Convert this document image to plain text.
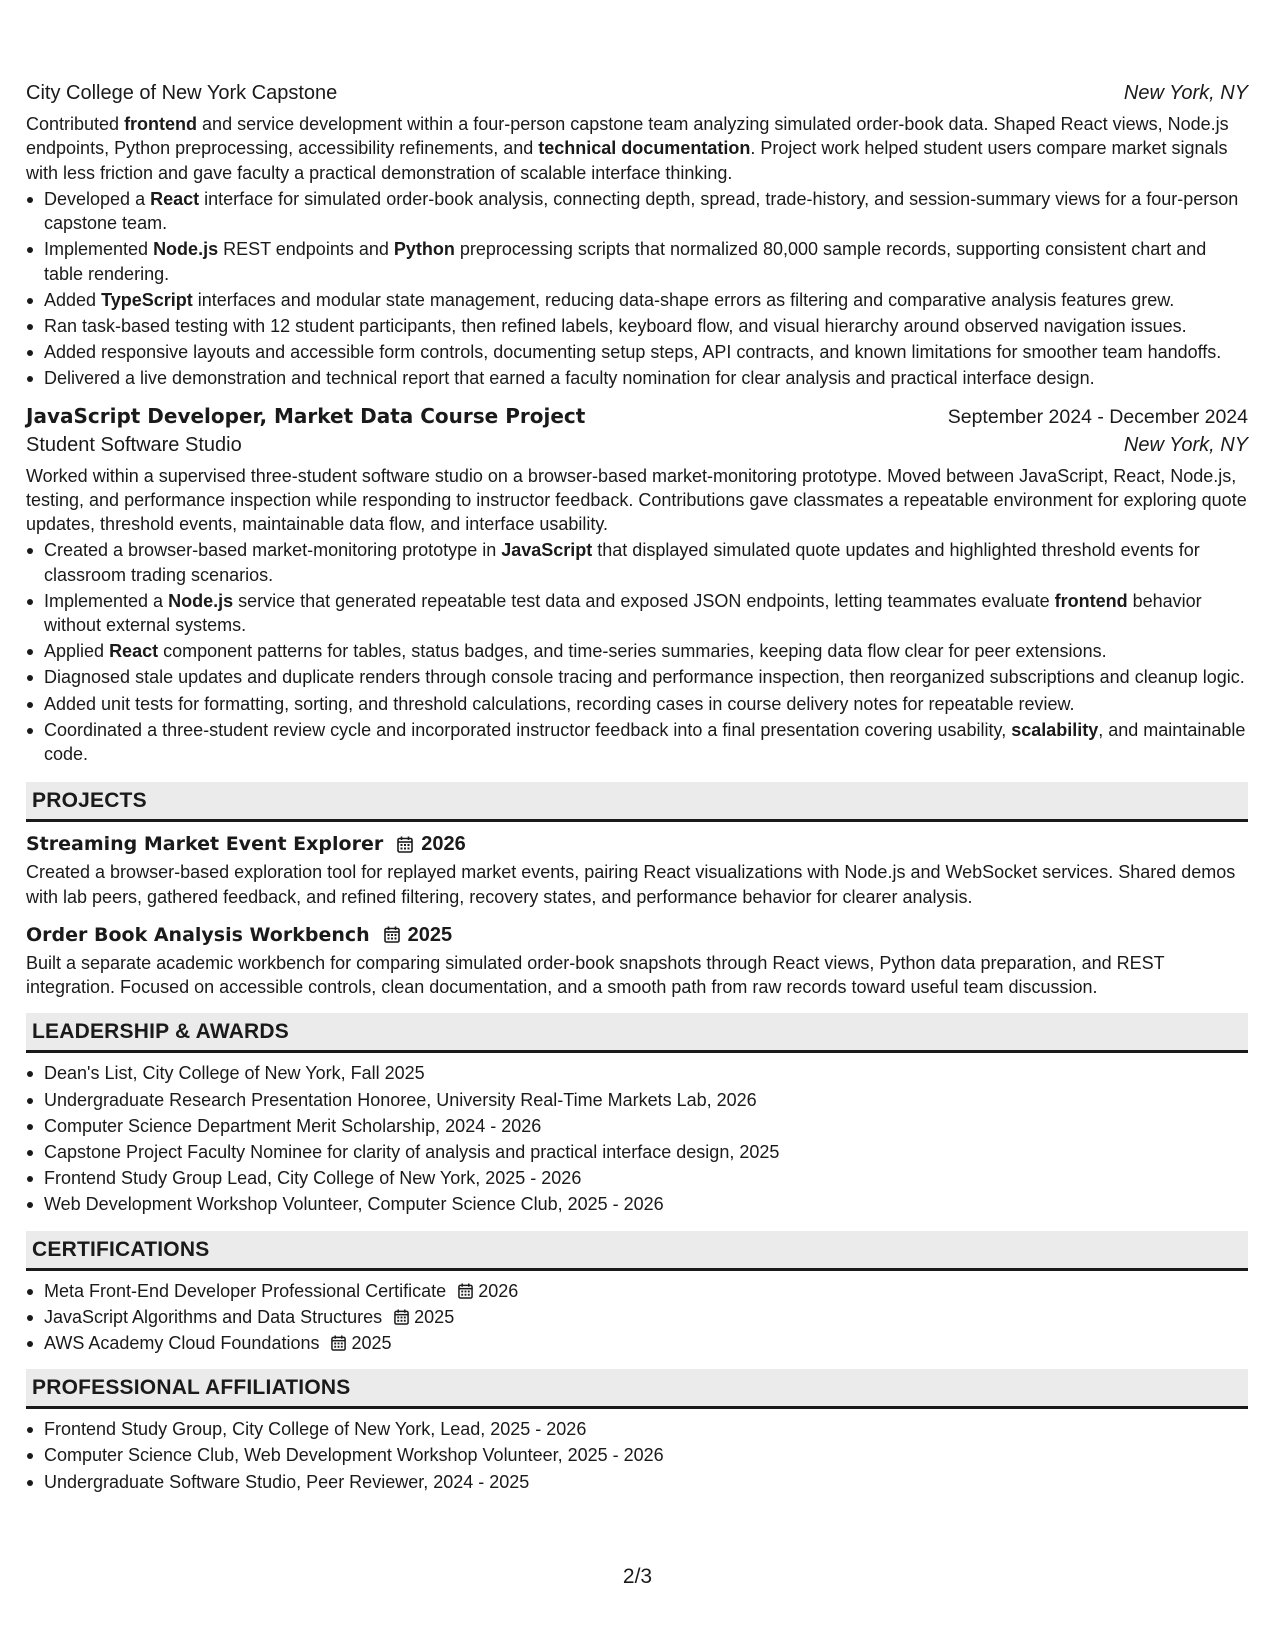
City College of New York Capstone	New York, NY

Contributed frontend and service development within a four-person capstone team analyzing simulated order-book data. Shaped React views, Node.js endpoints, Python preprocessing, accessibility refinements, and technical documentation. Project work helped student users compare market signals with less friction and gave faculty a practical demonstration of scalable interface thinking.

Developed a React interface for simulated order-book analysis, connecting depth, spread, trade-history, and session-summary views for a four-person capstone team.
Implemented Node.js REST endpoints and Python preprocessing scripts that normalized 80,000 sample records, supporting consistent chart and table rendering.
Added TypeScript interfaces and modular state management, reducing data-shape errors as filtering and comparative analysis features grew.
Ran task-based testing with 12 student participants, then refined labels, keyboard flow, and visual hierarchy around observed navigation issues.
Added responsive layouts and accessible form controls, documenting setup steps, API contracts, and known limitations for smoother team handoffs.
Delivered a live demonstration and technical report that earned a faculty nomination for clear analysis and practical interface design.
JavaScript Developer, Market Data Course Project	September 2024 - December 2024
Student Software Studio	New York, NY

Worked within a supervised three-student software studio on a browser-based market-monitoring prototype. Moved between JavaScript, React, Node.js, testing, and performance inspection while responding to instructor feedback. Contributions gave classmates a repeatable environment for exploring quote updates, threshold events, maintainable data flow, and interface usability.

Created a browser-based market-monitoring prototype in JavaScript that displayed simulated quote updates and highlighted threshold events for classroom trading scenarios.
Implemented a Node.js service that generated repeatable test data and exposed JSON endpoints, letting teammates evaluate frontend behavior without external systems.
Applied React component patterns for tables, status badges, and time-series summaries, keeping data flow clear for peer extensions.
Diagnosed stale updates and duplicate renders through console tracing and performance inspection, then reorganized subscriptions and cleanup logic.
Added unit tests for formatting, sorting, and threshold calculations, recording cases in course delivery notes for repeatable review.
Coordinated a three-student review cycle and incorporated instructor feedback into a final presentation covering usability, scalability, and maintainable code.
PROJECTS
Streaming Market Event Explorer 2026

Created a browser-based exploration tool for replayed market events, pairing React visualizations with Node.js and WebSocket services. Shared demos with lab peers, gathered feedback, and refined filtering, recovery states, and performance behavior for clearer analysis.

Order Book Analysis Workbench 2025

Built a separate academic workbench for comparing simulated order-book snapshots through React views, Python data preparation, and REST integration. Focused on accessible controls, clean documentation, and a smooth path from raw records toward useful team discussion.

LEADERSHIP & AWARDS
Dean's List, City College of New York, Fall 2025
Undergraduate Research Presentation Honoree, University Real-Time Markets Lab, 2026
Computer Science Department Merit Scholarship, 2024 - 2026
Capstone Project Faculty Nominee for clarity of analysis and practical interface design, 2025
Frontend Study Group Lead, City College of New York, 2025 - 2026
Web Development Workshop Volunteer, Computer Science Club, 2025 - 2026
CERTIFICATIONS
Meta Front-End Developer Professional Certificate 2026
JavaScript Algorithms and Data Structures 2025
AWS Academy Cloud Foundations 2025
PROFESSIONAL AFFILIATIONS
Frontend Study Group, City College of New York, Lead, 2025 - 2026
Computer Science Club, Web Development Workshop Volunteer, 2025 - 2026
Undergraduate Software Studio, Peer Reviewer, 2024 - 2025
2/3
